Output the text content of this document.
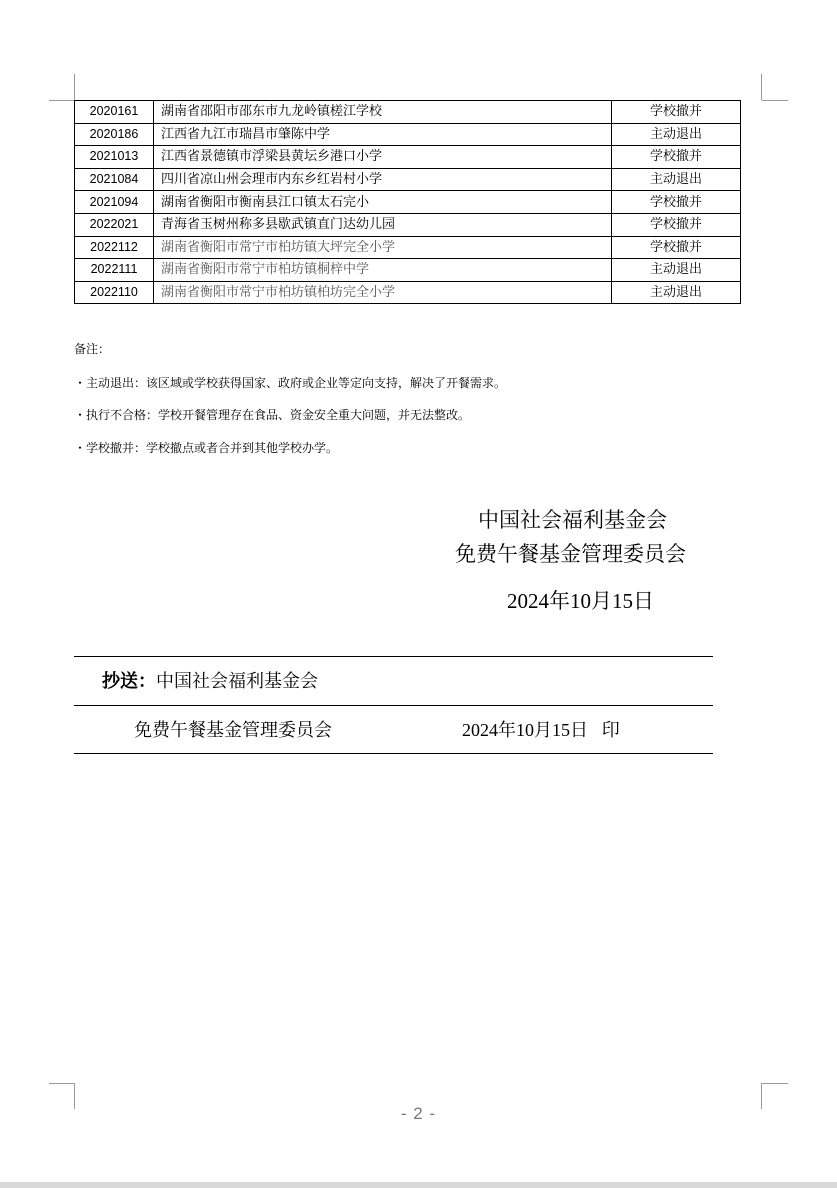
2020161	湖南省邵阳市邵东市九龙岭镇槎江学校	学校撤并
2020186	江西省九江市瑞昌市肇陈中学	主动退出
2021013	江西省景德镇市浮梁县黄坛乡港口小学	学校撤并
2021084	四川省凉山州会理市内东乡红岩村小学	主动退出
2021094	湖南省衡阳市衡南县江口镇太石完小	学校撤并
2022021	青海省玉树州称多县歇武镇直门达幼儿园	学校撤并
2022112	湖南省衡阳市常宁市柏坊镇大坪完全小学	学校撤并
2022111	湖南省衡阳市常宁市柏坊镇桐梓中学	主动退出
2022110	湖南省衡阳市常宁市柏坊镇柏坊完全小学	主动退出
备注：
・主动退出：该区域或学校获得国家、政府或企业等定向支持，解决了开餐需求。
・执行不合格：学校开餐管理存在食品、资金安全重大问题，并无法整改。
・学校撤并：学校撤点或者合并到其他学校办学。
中国社会福利基金会
免费午餐基金管理委员会
2024年10月15日
抄送：中国社会福利基金会
免费午餐基金管理委员会	2024年10月15日 印
- 2 -
